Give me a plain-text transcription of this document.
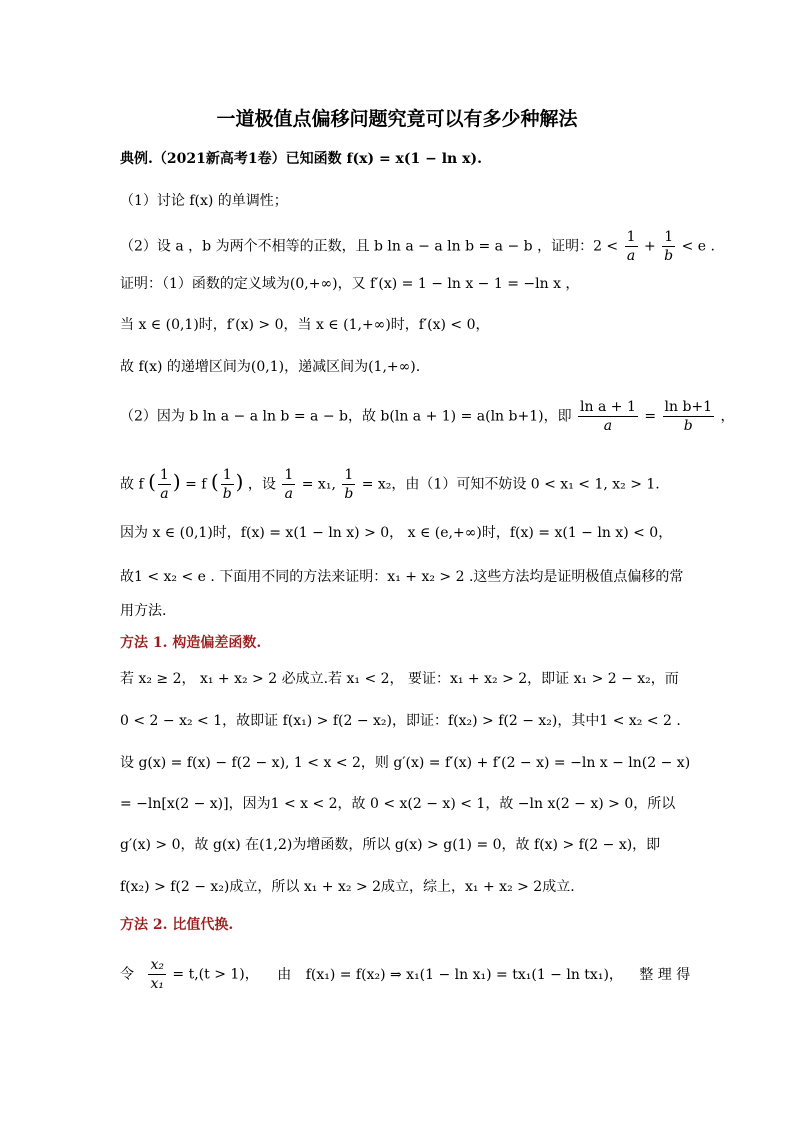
一道极值点偏移问题究竟可以有多少种解法
典例.（2021新高考1卷）已知函数 f(x) = x(1 − ln x).
（1）讨论 f(x) 的单调性；
（2）设 a ，b 为两个不相等的正数，且 b ln a − a ln b = a − b ，证明：$2 < \frac{1}{a} + \frac{1}{b} < e$ .
证明：（1）函数的定义域为(0,+∞)，又 f′(x) = 1 − ln x − 1 = −ln x ，
当 x ∈ (0,1)时，f′(x) > 0，当 x ∈ (1,+∞)时，f′(x) < 0，
故 f(x) 的递增区间为(0,1)，递减区间为(1,+∞).
（2）因为 b ln a − a ln b = a − b，故 b(ln a + 1) = a(ln b+1)，即 $\frac{\text{ln a + 1}}{a} = \frac{\text{ln b+1}}{b}$ ，
故 f ( $\frac{1}{a}$ ) = f ( $\frac{1}{b}$ ) ，设 $\frac{1}{a} = x_1$, $\frac{1}{b} = x_2$，由（1）可知不妨设 0 < x₁ < 1, x₂ > 1.
因为 x ∈ (0,1)时，f(x) = x(1 − ln x) > 0， x ∈ (e,+∞)时，f(x) = x(1 − ln x) < 0，
故1 < x₂ < e . 下面用不同的方法来证明：x₁ + x₂ > 2 .这些方法均是证明极值点偏移的常
用方法.
方法 1. 构造偏差函数.
若 x₂ ≥ 2， x₁ + x₂ > 2 必成立.若 x₁ < 2， 要证：x₁ + x₂ > 2，即证 x₁ > 2 − x₂，而
0 < 2 − x₂ < 1，故即证 f(x₁) > f(2 − x₂)，即证：f(x₂) > f(2 − x₂)，其中1 < x₂ < 2 .
设 g(x) = f(x) − f(2 − x), 1 < x < 2，则 g′(x) = f′(x) + f′(2 − x) = −ln x − ln(2 − x)
= −ln[x(2 − x)]，因为1 < x < 2，故 0 < x(2 − x) < 1，故 −ln x(2 − x) > 0，所以
g′(x) > 0，故 g(x) 在(1,2)为增函数，所以 g(x) > g(1) = 0，故 f(x) > f(2 − x)，即
f(x₂) > f(2 − x₂)成立，所以 x₁ + x₂ > 2成立，综上，x₁ + x₂ > 2成立.
方法 2. 比值代换.
令 $\frac{\text{x₂}}{\text{x₁}} = t,(t > 1)$， 由 f(x₁) = f(x₂) ⇒ x₁(1 − ln x₁) = tx₁(1 − ln tx₁)， 整 理 得
